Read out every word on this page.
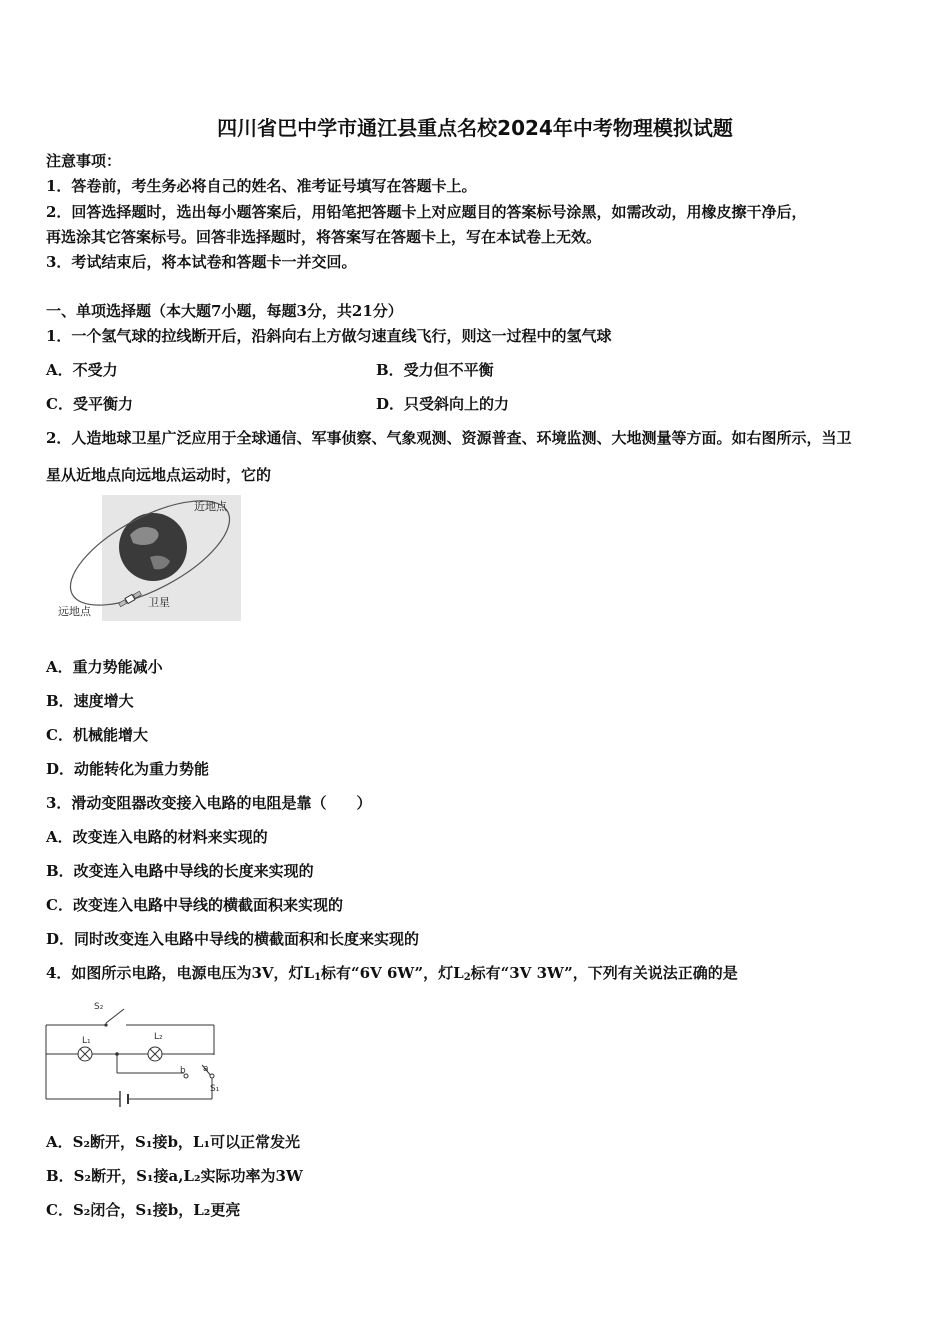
四川省巴中学市通江县重点名校2024年中考物理模拟试题
注意事项：
1．答卷前，考生务必将自己的姓名、准考证号填写在答题卡上。
2．回答选择题时，选出每小题答案后，用铅笔把答题卡上对应题目的答案标号涂黑，如需改动，用橡皮擦干净后，
再选涂其它答案标号。回答非选择题时，将答案写在答题卡上，写在本试卷上无效。
3．考试结束后，将本试卷和答题卡一并交回。
一、单项选择题（本大题7小题，每题3分，共21分）
1．一个氢气球的拉线断开后，沿斜向右上方做匀速直线飞行，则这一过程中的氢气球
A．不受力	B．受力但不平衡
C．受平衡力	D．只受斜向上的力
2．人造地球卫星广泛应用于全球通信、军事侦察、气象观测、资源普查、环境监测、大地测量等方面。如右图所示，当卫
星从近地点向远地点运动时，它的
近地点
远地点
卫星
A．重力势能减小
B．速度增大
C．机械能增大
D．动能转化为重力势能
3．滑动变阻器改变接入电路的电阻是靠（　　）
A．改变连入电路的材料来实现的
B．改变连入电路中导线的长度来实现的
C．改变连入电路中导线的横截面积来实现的
D．同时改变连入电路中导线的横截面积和长度来实现的
4．如图所示电路，电源电压为3V，灯$L_1$标有“6V 6W”，灯$L_2$标有“3V 3W”，下列有关说法正确的是
S₂
L₁	L₂
b a
S₁
A．S₂断开，S₁接b，L₁可以正常发光
B．S₂断开，S₁接a,L₂实际功率为3W
C．S₂闭合，S₁接b，L₂更亮
